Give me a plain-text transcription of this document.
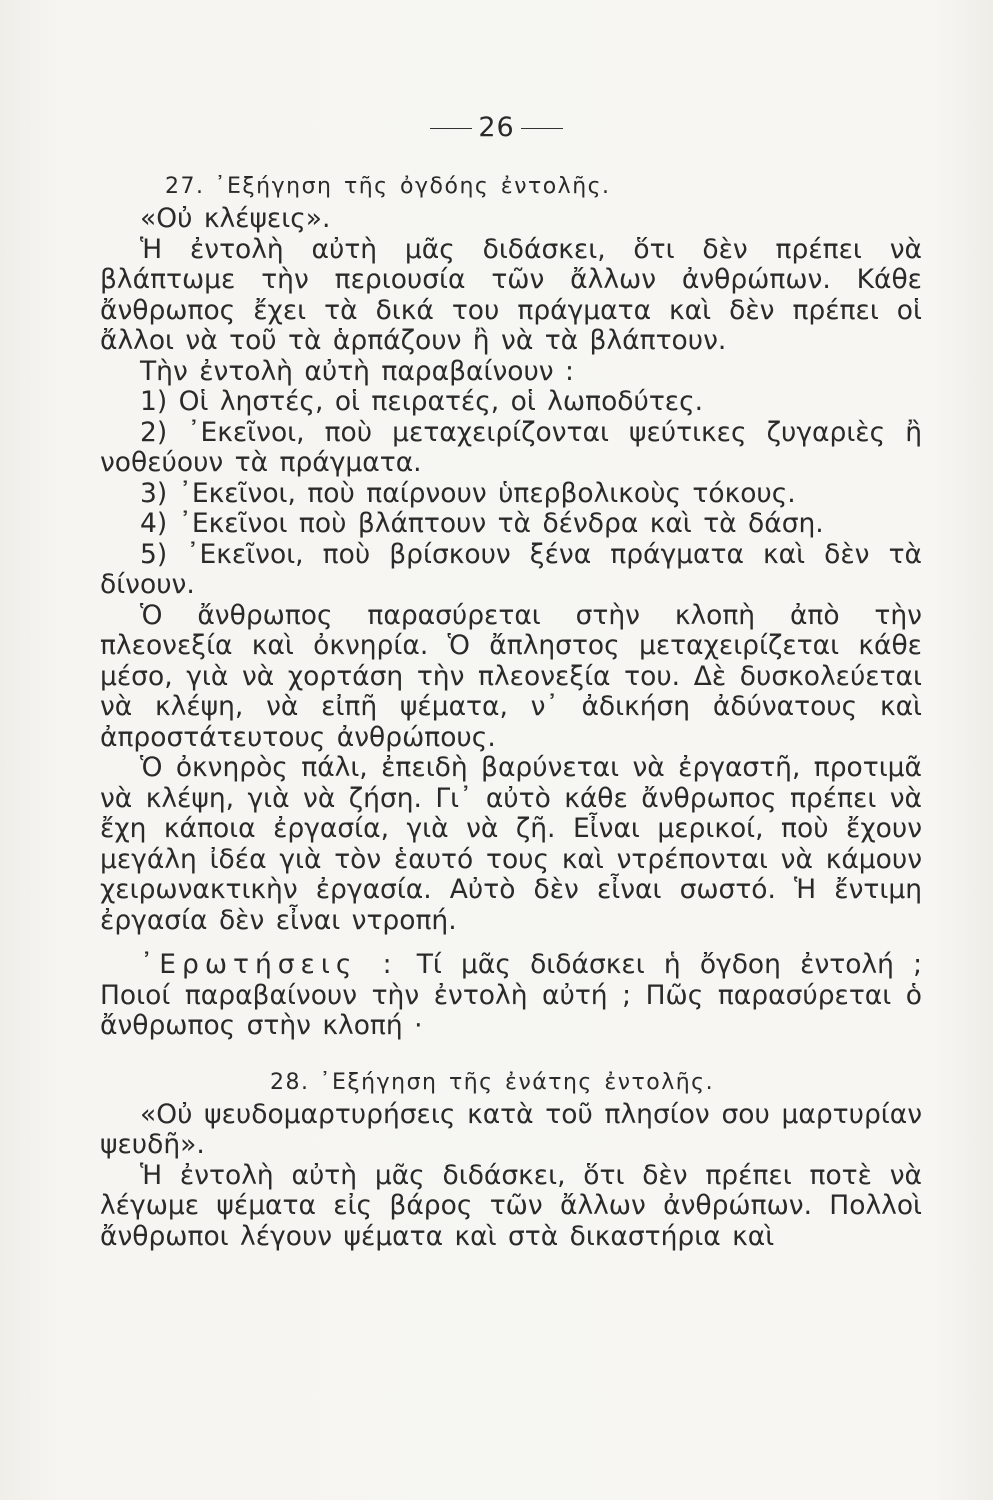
26

27. ᾿Εξήγηση τῆς ὀγδόης ἐντολῆς.

«Οὐ κλέψεις».

Ἡ ἐντολὴ αὐτὴ μᾶς διδάσκει, ὅτι δὲν πρέπει νὰ βλάπτωμε τὴν περιουσία τῶν ἄλλων ἀνθρώπων. Κάθε ἄνθρωπος ἔχει τὰ δικά του πράγματα καὶ δὲν πρέπει οἱ ἄλλοι νὰ τοῦ τὰ ἁρπάζουν ἢ νὰ τὰ βλάπτουν.

Τὴν ἐντολὴ αὐτὴ παραβαίνουν :

1) Οἱ ληστές, οἱ πειρατές, οἱ λωποδύτες.

2) ᾿Εκεῖνοι, ποὺ μεταχειρίζονται ψεύτικες ζυγαριὲς ἢ νοθεύουν τὰ πράγματα.

3) ᾿Εκεῖνοι, ποὺ παίρνουν ὑπερβολικοὺς τόκους.

4) ᾿Εκεῖνοι ποὺ βλάπτουν τὰ δένδρα καὶ τὰ δάση.

5) ᾿Εκεῖνοι, ποὺ βρίσκουν ξένα πράγματα καὶ δὲν τὰ δίνουν.

Ὁ ἄνθρωπος παρασύρεται στὴν κλοπὴ ἀπὸ τὴν πλεονεξία καὶ ὀκνηρία. Ὁ ἄπληστος μεταχειρίζεται κάθε μέσο, γιὰ νὰ χορτάση τὴν πλεονεξία του. Δὲ δυσκολεύεται νὰ κλέψη, νὰ εἰπῆ ψέματα, ν᾿ ἀδικήση ἀδύνατους καὶ ἀπροστάτευτους ἀνθρώπους.

Ὁ ὀκνηρὸς πάλι, ἐπειδὴ βαρύνεται νὰ ἐργαστῆ, προτιμᾶ νὰ κλέψη, γιὰ νὰ ζήση. Γι᾿ αὐτὸ κάθε ἄνθρωπος πρέπει νὰ ἔχη κάποια ἐργασία, γιὰ νὰ ζῆ. Εἶναι μερικοί, ποὺ ἔχουν μεγάλη ἰδέα γιὰ τὸν ἑαυτό τους καὶ ντρέπονται νὰ κάμουν χειρωνακτικὴν ἐργασία. Αὐτὸ δὲν εἶναι σωστό. Ἡ ἔντιμη ἐργασία δὲν εἶναι ντροπή.

᾿Ερωτήσεις : Τί μᾶς διδάσκει ἡ ὄγδοη ἐντολή ; Ποιοί παραβαίνουν τὴν ἐντολὴ αὐτή ; Πῶς παρασύρεται ὁ ἄνθρωπος στὴν κλοπή ·

28. ᾿Εξήγηση τῆς ἐνάτης ἐντολῆς.

«Οὐ ψευδομαρτυρήσεις κατὰ τοῦ πλησίον σου μαρτυρίαν ψευδῆ».

Ἡ ἐντολὴ αὐτὴ μᾶς διδάσκει, ὅτι δὲν πρέπει ποτὲ νὰ λέγωμε ψέματα εἰς βάρος τῶν ἄλλων ἀνθρώπων. Πολλοὶ ἄνθρωποι λέγουν ψέματα καὶ στὰ δικαστήρια καὶ
